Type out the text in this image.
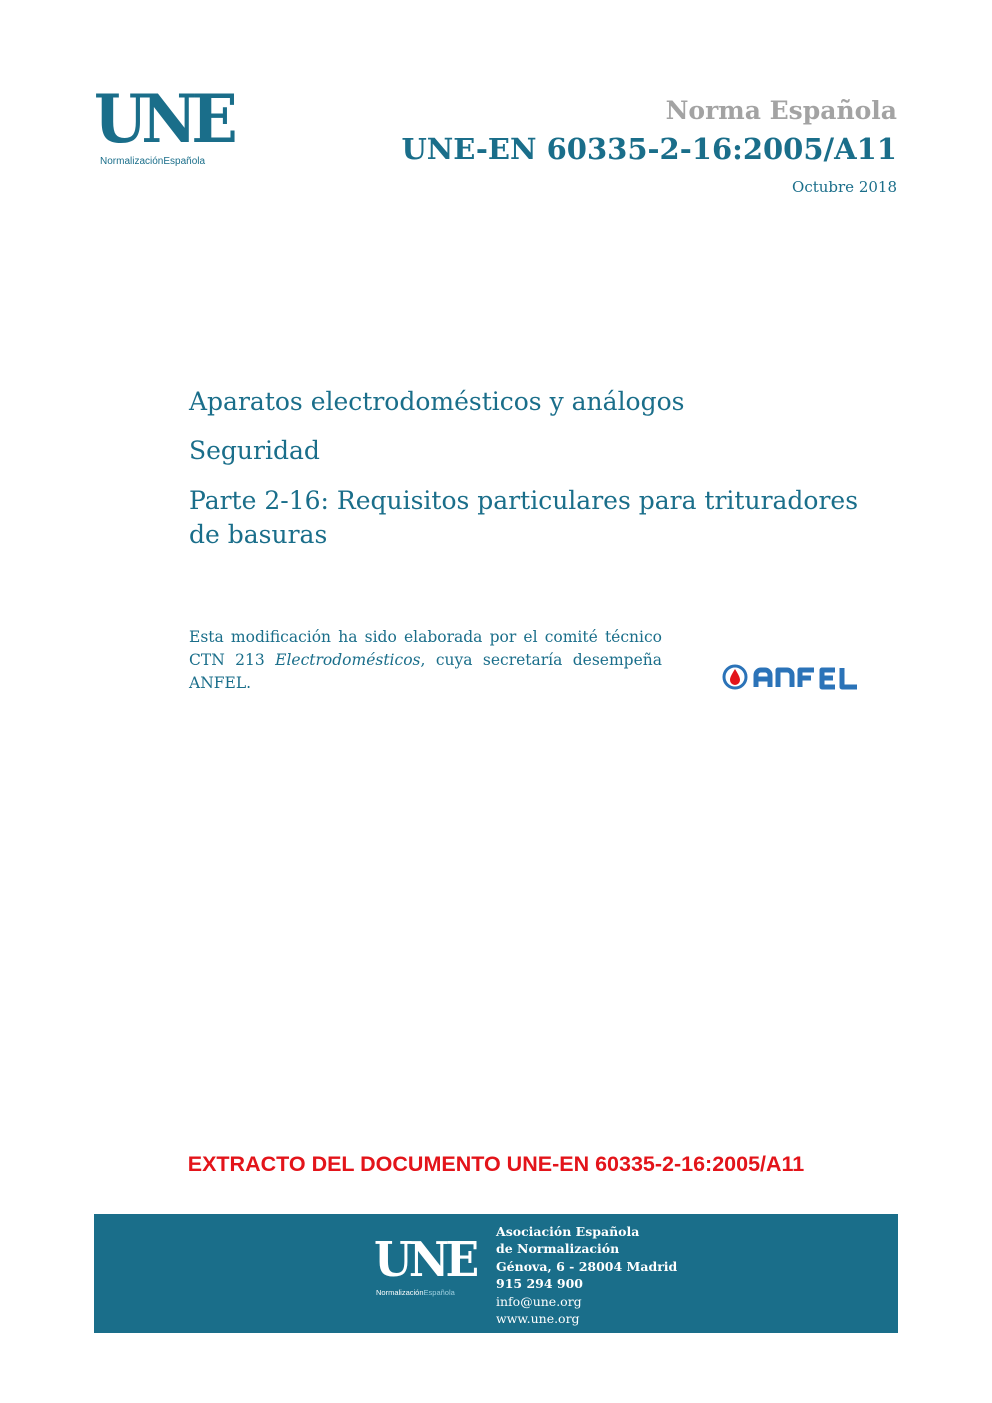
UNE
NormalizaciónEspañola
Norma Española
UNE-EN 60335-2-16:2005/A11
Octubre 2018
Aparatos electrodomésticos y análogos
Seguridad
Parte 2-16: Requisitos particulares para trituradores de basuras
Esta modificación ha sido elaborada por el comité técnico CTN 213 Electrodomésticos, cuya secretaría desempeña ANFEL.
EXTRACTO DEL DOCUMENTO UNE-EN 60335-2-16:2005/A11
UNE
NormalizaciónEspañola
Asociación Española
de Normalización
Génova, 6 - 28004 Madrid
915 294 900
info@une.org
www.une.org
